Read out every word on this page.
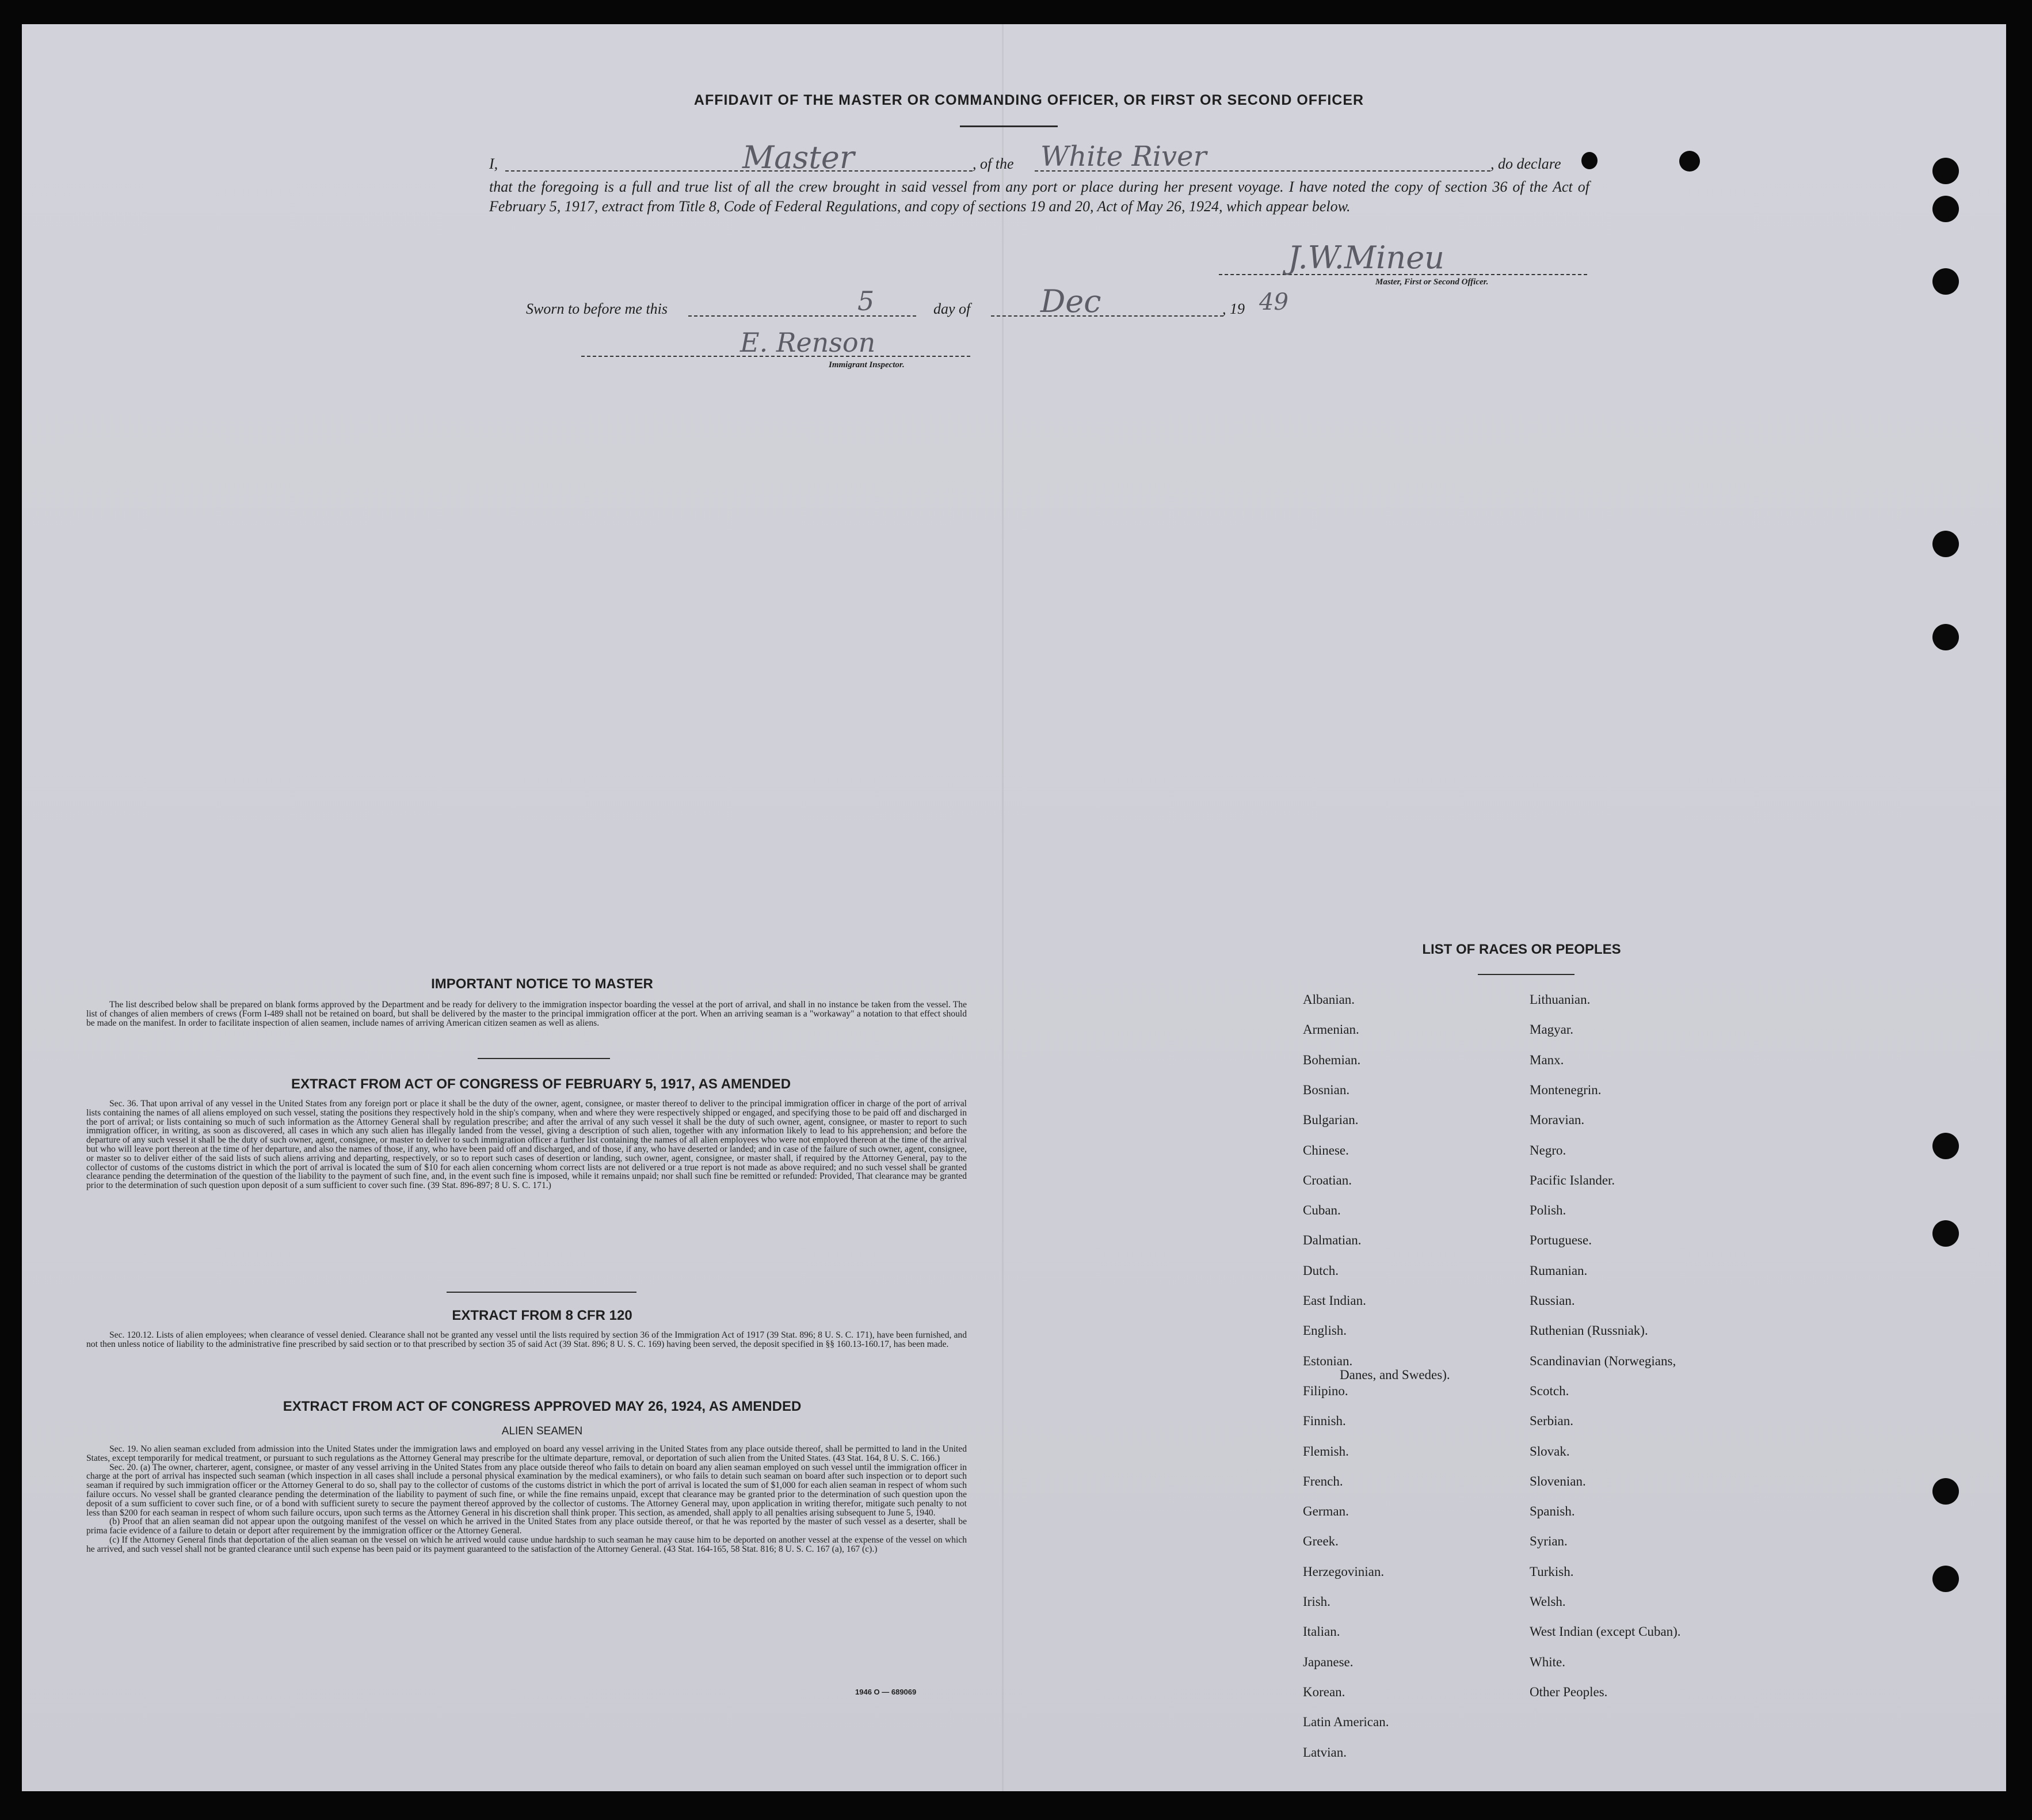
AFFIDAVIT OF THE MASTER OR COMMANDING OFFICER, OR FIRST OR SECOND OFFICER
I,	Master	, of the White River	, do declare
that the foregoing is a full and true list of all the crew brought in said vessel from any port or place during her present voyage. I have noted the copy of section 36 of the Act of February 5, 1917, extract from Title 8, Code of Federal Regulations, and copy of sections 19 and 20, Act of May 26, 1924, which appear below.
J.W.Mineu
Master, First or Second Officer.
Sworn to before me this	5	day of Dec	, 19 49
E. Renson
Immigrant Inspector.
IMPORTANT NOTICE TO MASTER

The list described below shall be prepared on blank forms approved by the Department and be ready for delivery to the immigration inspector boarding the vessel at the port of arrival, and shall in no instance be taken from the vessel. The list of changes of alien members of crews (Form I-489 shall not be retained on board, but shall be delivered by the master to the principal immigration officer at the port. When an arriving seaman is a "workaway" a notation to that effect should be made on the manifest. In order to facilitate inspection of alien seamen, include names of arriving American citizen seamen as well as aliens.

EXTRACT FROM ACT OF CONGRESS OF FEBRUARY 5, 1917, AS AMENDED

Sec. 36. That upon arrival of any vessel in the United States from any foreign port or place it shall be the duty of the owner, agent, consignee, or master thereof to deliver to the principal immigration officer in charge of the port of arrival lists containing the names of all aliens employed on such vessel, stating the positions they respectively hold in the ship's company, when and where they were respectively shipped or engaged, and specifying those to be paid off and discharged in the port of arrival; or lists containing so much of such information as the Attorney General shall by regulation prescribe; and after the arrival of any such vessel it shall be the duty of such owner, agent, consignee, or master to report to such immigration officer, in writing, as soon as discovered, all cases in which any such alien has illegally landed from the vessel, giving a description of such alien, together with any information likely to lead to his apprehension; and before the departure of any such vessel it shall be the duty of such owner, agent, consignee, or master to deliver to such immigration officer a further list containing the names of all alien employees who were not employed thereon at the time of the arrival but who will leave port thereon at the time of her departure, and also the names of those, if any, who have been paid off and discharged, and of those, if any, who have deserted or landed; and in case of the failure of such owner, agent, consignee, or master so to deliver either of the said lists of such aliens arriving and departing, respectively, or so to report such cases of desertion or landing, such owner, agent, consignee, or master shall, if required by the Attorney General, pay to the collector of customs of the customs district in which the port of arrival is located the sum of $10 for each alien concerning whom correct lists are not delivered or a true report is not made as above required; and no such vessel shall be granted clearance pending the determination of the question of the liability to the payment of such fine, and, in the event such fine is imposed, while it remains unpaid; nor shall such fine be remitted or refunded: Provided, That clearance may be granted prior to the determination of such question upon deposit of a sum sufficient to cover such fine. (39 Stat. 896-897; 8 U. S. C. 171.)

EXTRACT FROM 8 CFR 120

Sec. 120.12. Lists of alien employees; when clearance of vessel denied. Clearance shall not be granted any vessel until the lists required by section 36 of the Immigration Act of 1917 (39 Stat. 896; 8 U. S. C. 171), have been furnished, and not then unless notice of liability to the administrative fine prescribed by said section or to that prescribed by section 35 of said Act (39 Stat. 896; 8 U. S. C. 169) having been served, the deposit specified in §§ 160.13-160.17, has been made.

EXTRACT FROM ACT OF CONGRESS APPROVED MAY 26, 1924, AS AMENDED
ALIEN SEAMEN

Sec. 19. No alien seaman excluded from admission into the United States under the immigration laws and employed on board any vessel arriving in the United States from any place outside thereof, shall be permitted to land in the United States, except temporarily for medical treatment, or pursuant to such regulations as the Attorney General may prescribe for the ultimate departure, removal, or deportation of such alien from the United States. (43 Stat. 164, 8 U. S. C. 166.)

Sec. 20. (a) The owner, charterer, agent, consignee, or master of any vessel arriving in the United States from any place outside thereof who fails to detain on board any alien seaman employed on such vessel until the immigration officer in charge at the port of arrival has inspected such seaman (which inspection in all cases shall include a personal physical examination by the medical examiners), or who fails to detain such seaman on board after such inspection or to deport such seaman if required by such immigration officer or the Attorney General to do so, shall pay to the collector of customs of the customs district in which the port of arrival is located the sum of $1,000 for each alien seaman in respect of whom such failure occurs. No vessel shall be granted clearance pending the determination of the liability to payment of such fine, or while the fine remains unpaid, except that clearance may be granted prior to the determination of such question upon the deposit of a sum sufficient to cover such fine, or of a bond with sufficient surety to secure the payment thereof approved by the collector of customs. The Attorney General may, upon application in writing therefor, mitigate such penalty to not less than $200 for each seaman in respect of whom such failure occurs, upon such terms as the Attorney General in his discretion shall think proper. This section, as amended, shall apply to all penalties arising subsequent to June 5, 1940.

(b) Proof that an alien seaman did not appear upon the outgoing manifest of the vessel on which he arrived in the United States from any place outside thereof, or that he was reported by the master of such vessel as a deserter, shall be prima facie evidence of a failure to detain or deport after requirement by the immigration officer or the Attorney General.

(c) If the Attorney General finds that deportation of the alien seaman on the vessel on which he arrived would cause undue hardship to such seaman he may cause him to be deported on another vessel at the expense of the vessel on which he arrived, and such vessel shall not be granted clearance until such expense has been paid or its payment guaranteed to the satisfaction of the Attorney General. (43 Stat. 164-165, 58 Stat. 816; 8 U. S. C. 167 (a), 167 (c).)

1946 O — 689069
LIST OF RACES OR PEOPLES
Albanian.
Armenian.
Bohemian.
Bosnian.
Bulgarian.
Chinese.
Croatian.
Cuban.
Dalmatian.
Dutch.
East Indian.
English.
Estonian.
Filipino.
Finnish.
Flemish.
French.
German.
Greek.
Herzegovinian.
Irish.
Italian.
Japanese.
Korean.
Latin American.
Latvian.
Lithuanian.
Magyar.
Manx.
Montenegrin.
Moravian.
Negro.
Pacific Islander.
Polish.
Portuguese.
Rumanian.
Russian.
Ruthenian (Russniak).
Scandinavian (Norwegians,
Danes, and Swedes).
Scotch.
Serbian.
Slovak.
Slovenian.
Spanish.
Syrian.
Turkish.
Welsh.
West Indian (except Cuban).
White.
Other Peoples.
